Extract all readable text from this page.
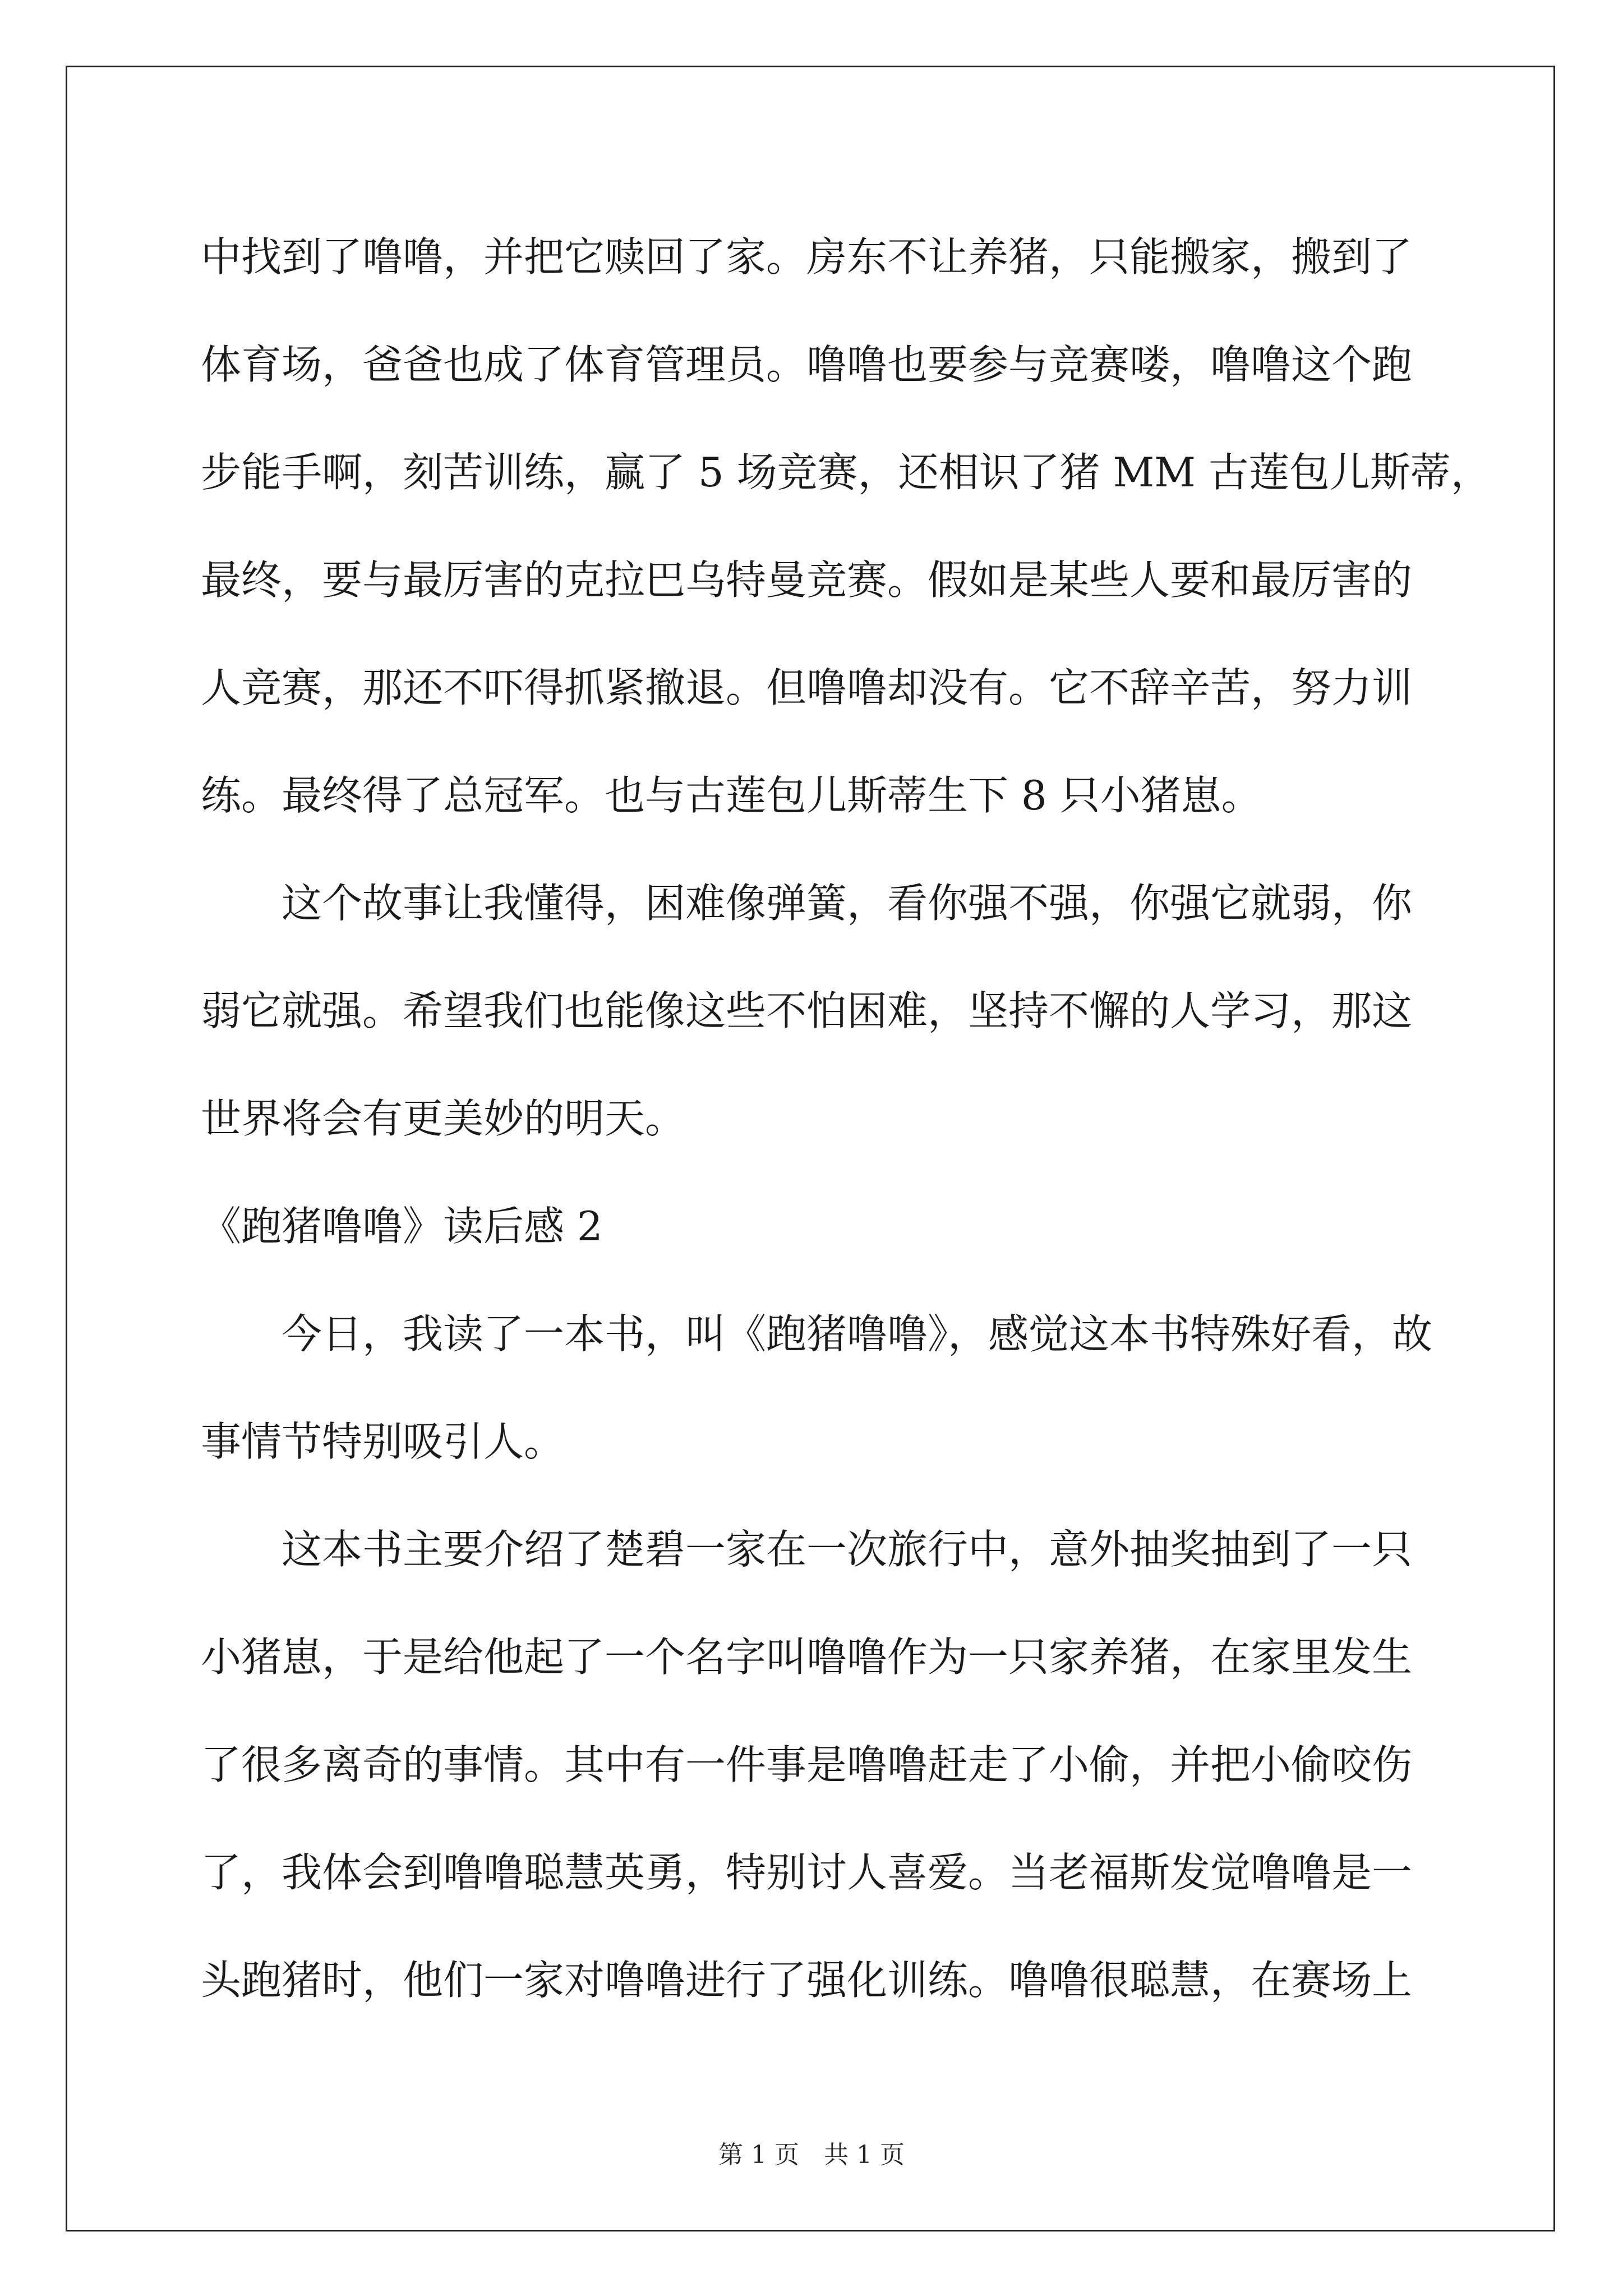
中找到了噜噜，并把它赎回了家。房东不让养猪，只能搬家，搬到了
体育场，爸爸也成了体育管理员。噜噜也要参与竞赛喽，噜噜这个跑
步能手啊，刻苦训练，赢了 5 场竞赛，还相识了猪 MM 古莲包儿斯蒂，
最终，要与最厉害的克拉巴乌特曼竞赛。假如是某些人要和最厉害的
人竞赛，那还不吓得抓紧撤退。但噜噜却没有。它不辞辛苦，努力训
练。最终得了总冠军。也与古莲包儿斯蒂生下 8 只小猪崽。
这个故事让我懂得，困难像弹簧，看你强不强，你强它就弱，你
弱它就强。希望我们也能像这些不怕困难，坚持不懈的人学习，那这
世界将会有更美妙的明天。
《跑猪噜噜》读后感 2
今日，我读了一本书，叫《跑猪噜噜》，感觉这本书特殊好看，故
事情节特别吸引人。
这本书主要介绍了楚碧一家在一次旅行中，意外抽奖抽到了一只
小猪崽，于是给他起了一个名字叫噜噜作为一只家养猪，在家里发生
了很多离奇的事情。其中有一件事是噜噜赶走了小偷，并把小偷咬伤
了，我体会到噜噜聪慧英勇，特别讨人喜爱。当老福斯发觉噜噜是一
头跑猪时，他们一家对噜噜进行了强化训练。噜噜很聪慧，在赛场上
第 1 页　共 1 页
